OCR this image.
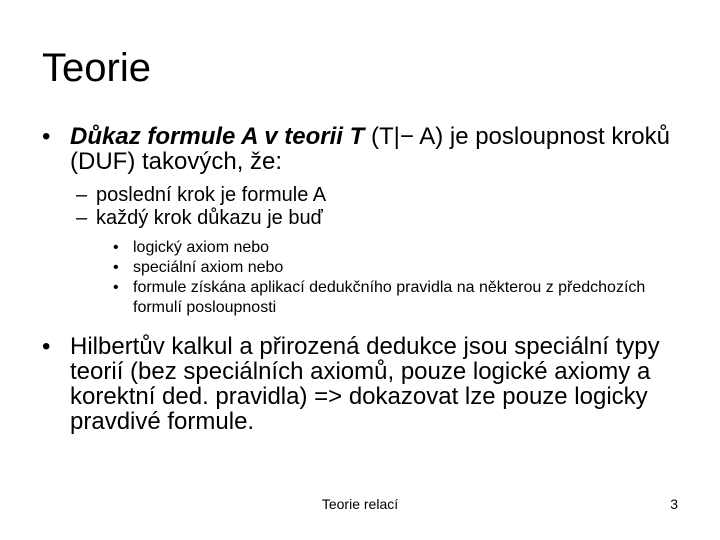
Teorie
• Důkaz formule A v teorii T (T|− A) je posloupnost kroků (DUF) takových, že:
– poslední krok je formule A
– každý krok důkazu je buď
• logický axiom nebo
• speciální axiom nebo
• formule získána aplikací dedukčního pravidla na některou z předchozích formulí posloupnosti
• Hilbertův kalkul a přirozená dedukce jsou speciální typy teorií (bez speciálních axiomů, pouze logické axiomy a korektní ded. pravidla) => dokazovat lze pouze logicky pravdivé formule.
Teorie relací	3
